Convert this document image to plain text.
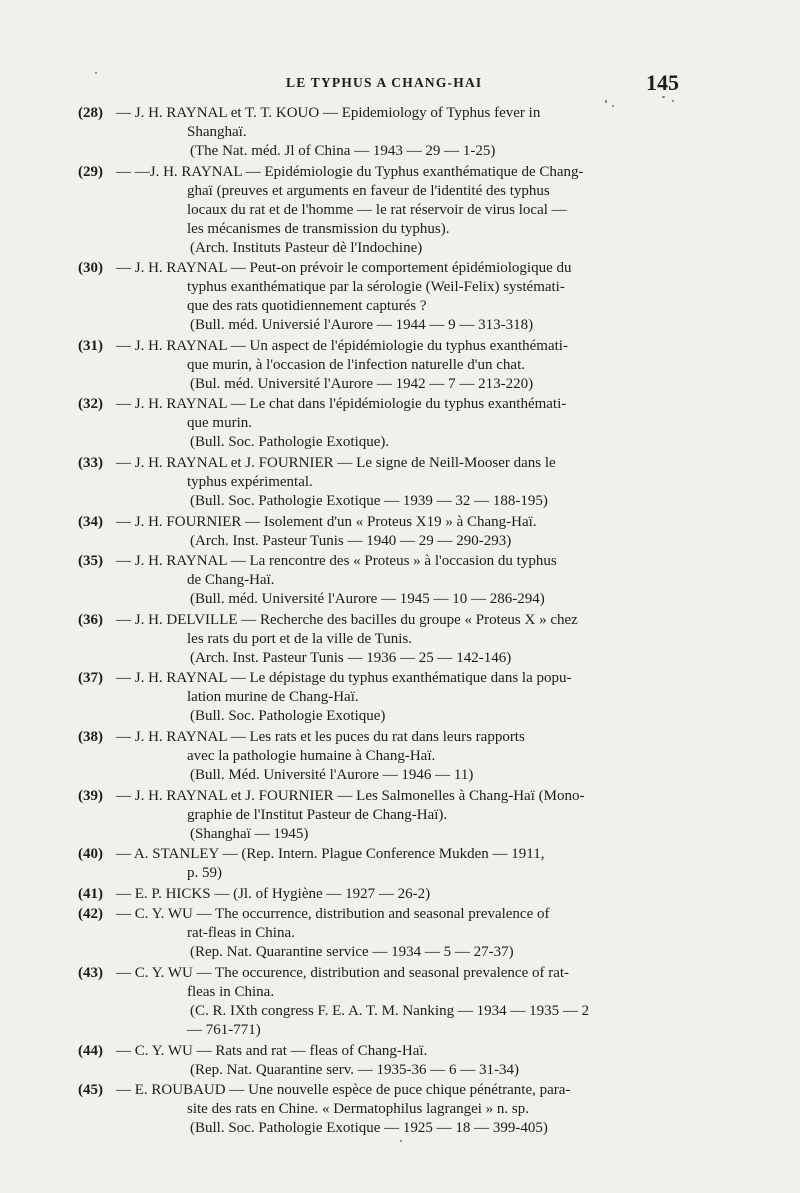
LE TYPHUS A CHANG-HAI	145
(28) — J. H. RAYNAL et T. T. KOUO — Epidemiology of Typhus fever in
Shanghaï.
(The Nat. méd. Jl of China — 1943 — 29 — 1-25)
(29) — —J. H. RAYNAL — Epidémiologie du Typhus exanthématique de Chang-
ghaï (preuves et arguments en faveur de l'identité des typhus
locaux du rat et de l'homme — le rat réservoir de virus local —
les mécanismes de transmission du typhus).
(Arch. Instituts Pasteur dè l'Indochine)
(30) — J. H. RAYNAL — Peut-on prévoir le comportement épidémiologique du
typhus exanthématique par la sérologie (Weil-Felix) systémati-
que des rats quotidiennement capturés ?
(Bull. méd. Universié l'Aurore — 1944 — 9 — 313-318)
(31) — J. H. RAYNAL — Un aspect de l'épidémiologie du typhus exanthémati-
que murin, à l'occasion de l'infection naturelle d'un chat.
(Bul. méd. Université l'Aurore — 1942 — 7 — 213-220)
(32) — J. H. RAYNAL — Le chat dans l'épidémiologie du typhus exanthémati-
que murin.
(Bull. Soc. Pathologie Exotique).
(33) — J. H. RAYNAL et J. FOURNIER — Le signe de Neill-Mooser dans le
typhus expérimental.
(Bull. Soc. Pathologie Exotique — 1939 — 32 — 188-195)
(34) — J. H. FOURNIER — Isolement d'un « Proteus X19 » à Chang-Haï.
(Arch. Inst. Pasteur Tunis — 1940 — 29 — 290-293)
(35) — J. H. RAYNAL — La rencontre des « Proteus » à l'occasion du typhus
de Chang-Haï.
(Bull. méd. Université l'Aurore — 1945 — 10 — 286-294)
(36) — J. H. DELVILLE — Recherche des bacilles du groupe « Proteus X » chez
les rats du port et de la ville de Tunis.
(Arch. Inst. Pasteur Tunis — 1936 — 25 — 142-146)
(37) — J. H. RAYNAL — Le dépistage du typhus exanthématique dans la popu-
lation murine de Chang-Haï.
(Bull. Soc. Pathologie Exotique)
(38) — J. H. RAYNAL — Les rats et les puces du rat dans leurs rapports
avec la pathologie humaine à Chang-Haï.
(Bull. Méd. Université l'Aurore — 1946 — 11)
(39) — J. H. RAYNAL et J. FOURNIER — Les Salmonelles à Chang-Haï (Mono-
graphie de l'Institut Pasteur de Chang-Haï).
(Shanghaï — 1945)
(40) — A. STANLEY — (Rep. Intern. Plague Conference Mukden — 1911,
p. 59)
(41) — E. P. HICKS — (Jl. of Hygiène — 1927 — 26-2)
(42) — C. Y. WU — The occurrence, distribution and seasonal prevalence of
rat-fleas in China.
(Rep. Nat. Quarantine service — 1934 — 5 — 27-37)
(43) — C. Y. WU — The occurence, distribution and seasonal prevalence of rat-
fleas in China.
(C. R. IXth congress F. E. A. T. M. Nanking — 1934 — 1935 — 2
— 761-771)
(44) — C. Y. WU — Rats and rat — fleas of Chang-Haï.
(Rep. Nat. Quarantine serv. — 1935-36 — 6 — 31-34)
(45) — E. ROUBAUD — Une nouvelle espèce de puce chique pénétrante, para-
site des rats en Chine. « Dermatophilus lagrangei » n. sp.
(Bull. Soc. Pathologie Exotique — 1925 — 18 — 399-405)
